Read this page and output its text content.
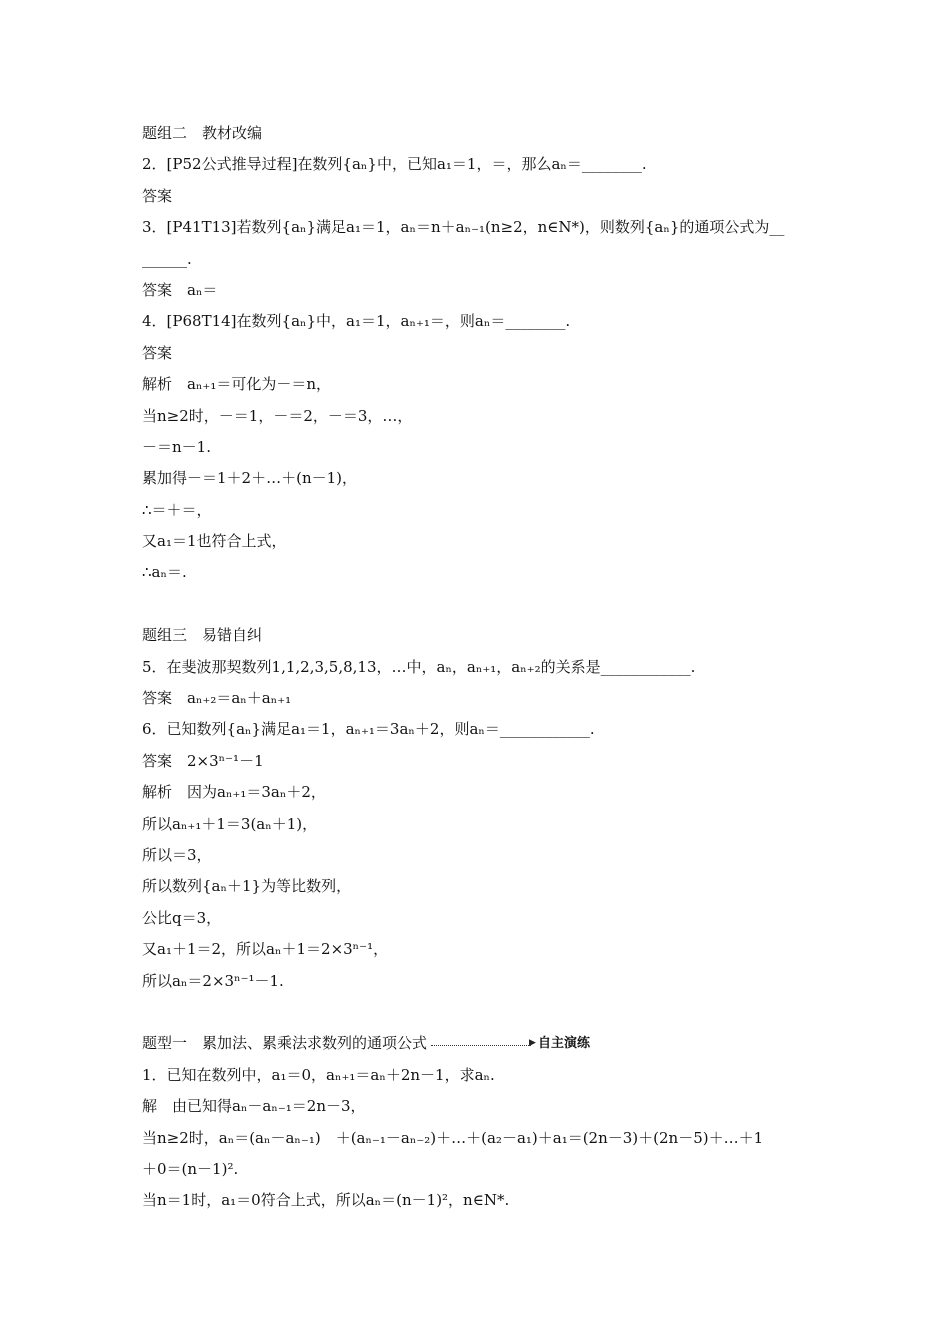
题组二　教材改编
2．[P52公式推导过程]在数列{aₙ}中，已知a₁＝1，＝，那么aₙ＝________.
答案
3．[P41T13]若数列{aₙ}满足a₁＝1，aₙ＝n＋aₙ₋₁(n≥2，n∈N*)，则数列{aₙ}的通项公式为__
______.
答案　aₙ＝
4．[P68T14]在数列{aₙ}中，a₁＝1，aₙ₊₁＝，则aₙ＝________.
答案
解析　aₙ₊₁＝可化为－＝n，
当n≥2时，－＝1，－＝2，－＝3，…，
－＝n－1.
累加得－＝1＋2＋…＋(n－1)，
∴＝＋＝，
又a₁＝1也符合上式，
∴aₙ＝.
题组三　易错自纠
5．在斐波那契数列1,1,2,3,5,8,13，…中，aₙ，aₙ₊₁，aₙ₊₂的关系是____________.
答案　aₙ₊₂＝aₙ＋aₙ₊₁
6．已知数列{aₙ}满足a₁＝1，aₙ₊₁＝3aₙ＋2，则aₙ＝____________.
答案　2×3ⁿ⁻¹－1
解析　因为aₙ₊₁＝3aₙ＋2，
所以aₙ₊₁＋1＝3(aₙ＋1)，
所以＝3，
所以数列{aₙ＋1}为等比数列，
公比q＝3，
又a₁＋1＝2，所以aₙ＋1＝2×3ⁿ⁻¹，
所以aₙ＝2×3ⁿ⁻¹－1.
题型一　累加法、累乘法求数列的通项公式	▶ 自主演练
1．已知在数列中，a₁＝0，aₙ₊₁＝aₙ＋2n－1，求aₙ.
解　由已知得aₙ－aₙ₋₁＝2n－3，
当n≥2时，aₙ＝(aₙ－aₙ₋₁)　＋(aₙ₋₁－aₙ₋₂)＋…＋(a₂－a₁)＋a₁＝(2n－3)＋(2n－5)＋…＋1
＋0＝(n－1)².
当n＝1时，a₁＝0符合上式，所以aₙ＝(n－1)²，n∈N*.
